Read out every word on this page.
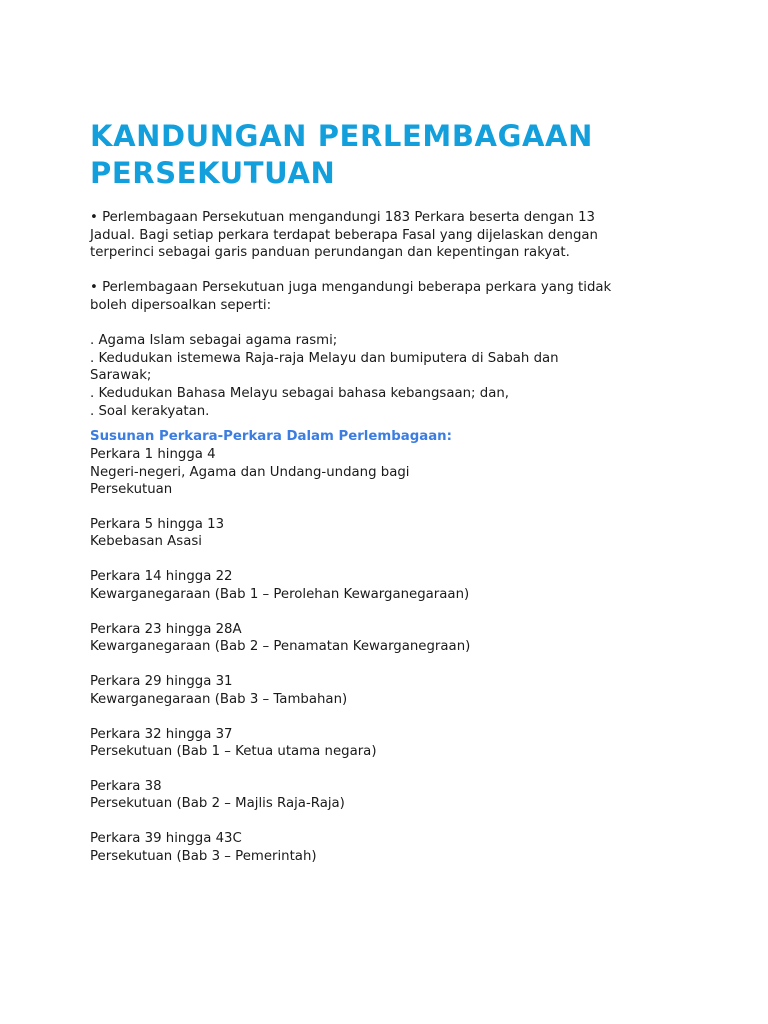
KANDUNGAN PERLEMBAGAAN
PERSEKUTUAN

• Perlembagaan Persekutuan mengandungi 183 Perkara beserta dengan 13
Jadual. Bagi setiap perkara terdapat beberapa Fasal yang dijelaskan dengan
terperinci sebagai garis panduan perundangan dan kepentingan rakyat.

• Perlembagaan Persekutuan juga mengandungi beberapa perkara yang tidak
boleh dipersoalkan seperti:

. Agama Islam sebagai agama rasmi;
. Kedudukan istemewa Raja-raja Melayu dan bumiputera di Sabah dan
Sarawak;
. Kedudukan Bahasa Melayu sebagai bahasa kebangsaan; dan,
. Soal kerakyatan.

Susunan Perkara-Perkara Dalam Perlembagaan:
Perkara 1 hingga 4
Negeri-negeri, Agama dan Undang-undang bagi
Persekutuan
Perkara 5 hingga 13
Kebebasan Asasi
Perkara 14 hingga 22
Kewarganegaraan (Bab 1 – Perolehan Kewarganegaraan)
Perkara 23 hingga 28A
Kewarganegaraan (Bab 2 – Penamatan Kewarganegraan)
Perkara 29 hingga 31
Kewarganegaraan (Bab 3 – Tambahan)
Perkara 32 hingga 37
Persekutuan (Bab 1 – Ketua utama negara)
Perkara 38
Persekutuan (Bab 2 – Majlis Raja-Raja)
Perkara 39 hingga 43C
Persekutuan (Bab 3 – Pemerintah)
